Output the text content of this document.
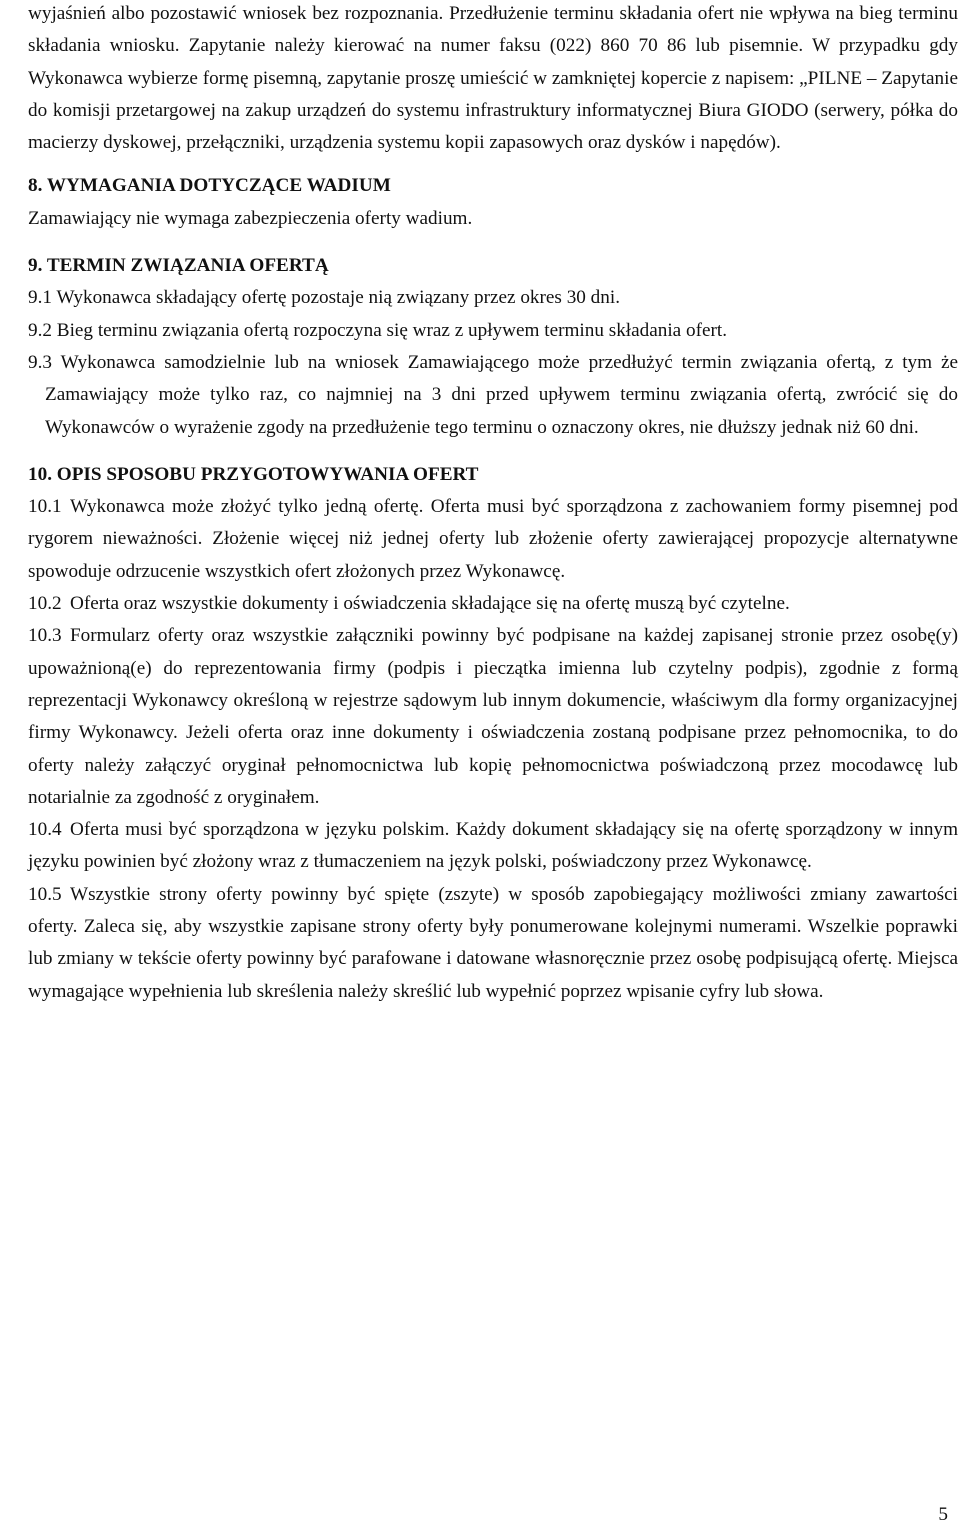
wyjaśnień albo pozostawić wniosek bez rozpoznania. Przedłużenie terminu składania ofert nie wpływa na bieg terminu składania wniosku. Zapytanie należy kierować na numer faksu (022) 860 70 86 lub pisemnie. W przypadku gdy Wykonawca wybierze formę pisemną, zapytanie proszę umieścić w zamkniętej kopercie z napisem: „PILNE – Zapytanie do komisji przetargowej na zakup urządzeń do systemu infrastruktury informatycznej Biura GIODO (serwery, półka do macierzy dyskowej, przełączniki, urządzenia systemu kopii zapasowych oraz dysków i napędów).

8. WYMAGANIA DOTYCZĄCE WADIUM

Zamawiający nie wymaga zabezpieczenia oferty wadium.

9. TERMIN ZWIĄZANIA OFERTĄ

9.1 Wykonawca składający ofertę pozostaje nią związany przez okres 30 dni.

9.2 Bieg terminu związania ofertą rozpoczyna się wraz z upływem terminu składania ofert.

9.3 Wykonawca samodzielnie lub na wniosek Zamawiającego może przedłużyć termin związania ofertą, z tym że Zamawiający może tylko raz, co najmniej na 3 dni przed upływem terminu związania ofertą, zwrócić się do Wykonawców o wyrażenie zgody na przedłużenie tego terminu o oznaczony okres, nie dłuższy jednak niż 60 dni.

10. OPIS SPOSOBU PRZYGOTOWYWANIA OFERT

10.1 Wykonawca może złożyć tylko jedną ofertę. Oferta musi być sporządzona z zachowaniem formy pisemnej pod rygorem nieważności. Złożenie więcej niż jednej oferty lub złożenie oferty zawierającej propozycje alternatywne spowoduje odrzucenie wszystkich ofert złożonych przez Wykonawcę.

10.2 Oferta oraz wszystkie dokumenty i oświadczenia składające się na ofertę muszą być czytelne.

10.3 Formularz oferty oraz wszystkie załączniki powinny być podpisane na każdej zapisanej stronie przez osobę(y) upoważnioną(e) do reprezentowania firmy (podpis i pieczątka imienna lub czytelny podpis), zgodnie z formą reprezentacji Wykonawcy określoną w rejestrze sądowym lub innym dokumencie, właściwym dla formy organizacyjnej firmy Wykonawcy. Jeżeli oferta oraz inne dokumenty i oświadczenia zostaną podpisane przez pełnomocnika, to do oferty należy załączyć oryginał pełnomocnictwa lub kopię pełnomocnictwa poświadczoną przez mocodawcę lub notarialnie za zgodność z oryginałem.

10.4 Oferta musi być sporządzona w języku polskim. Każdy dokument składający się na ofertę sporządzony w innym języku powinien być złożony wraz z tłumaczeniem na język polski, poświadczony przez Wykonawcę.

10.5 Wszystkie strony oferty powinny być spięte (zszyte) w sposób zapobiegający możliwości zmiany zawartości oferty. Zaleca się, aby wszystkie zapisane strony oferty były ponumerowane kolejnymi numerami. Wszelkie poprawki lub zmiany w tekście oferty powinny być parafowane i datowane własnoręcznie przez osobę podpisującą ofertę. Miejsca wymagające wypełnienia lub skreślenia należy skreślić lub wypełnić poprzez wpisanie cyfry lub słowa.

5
